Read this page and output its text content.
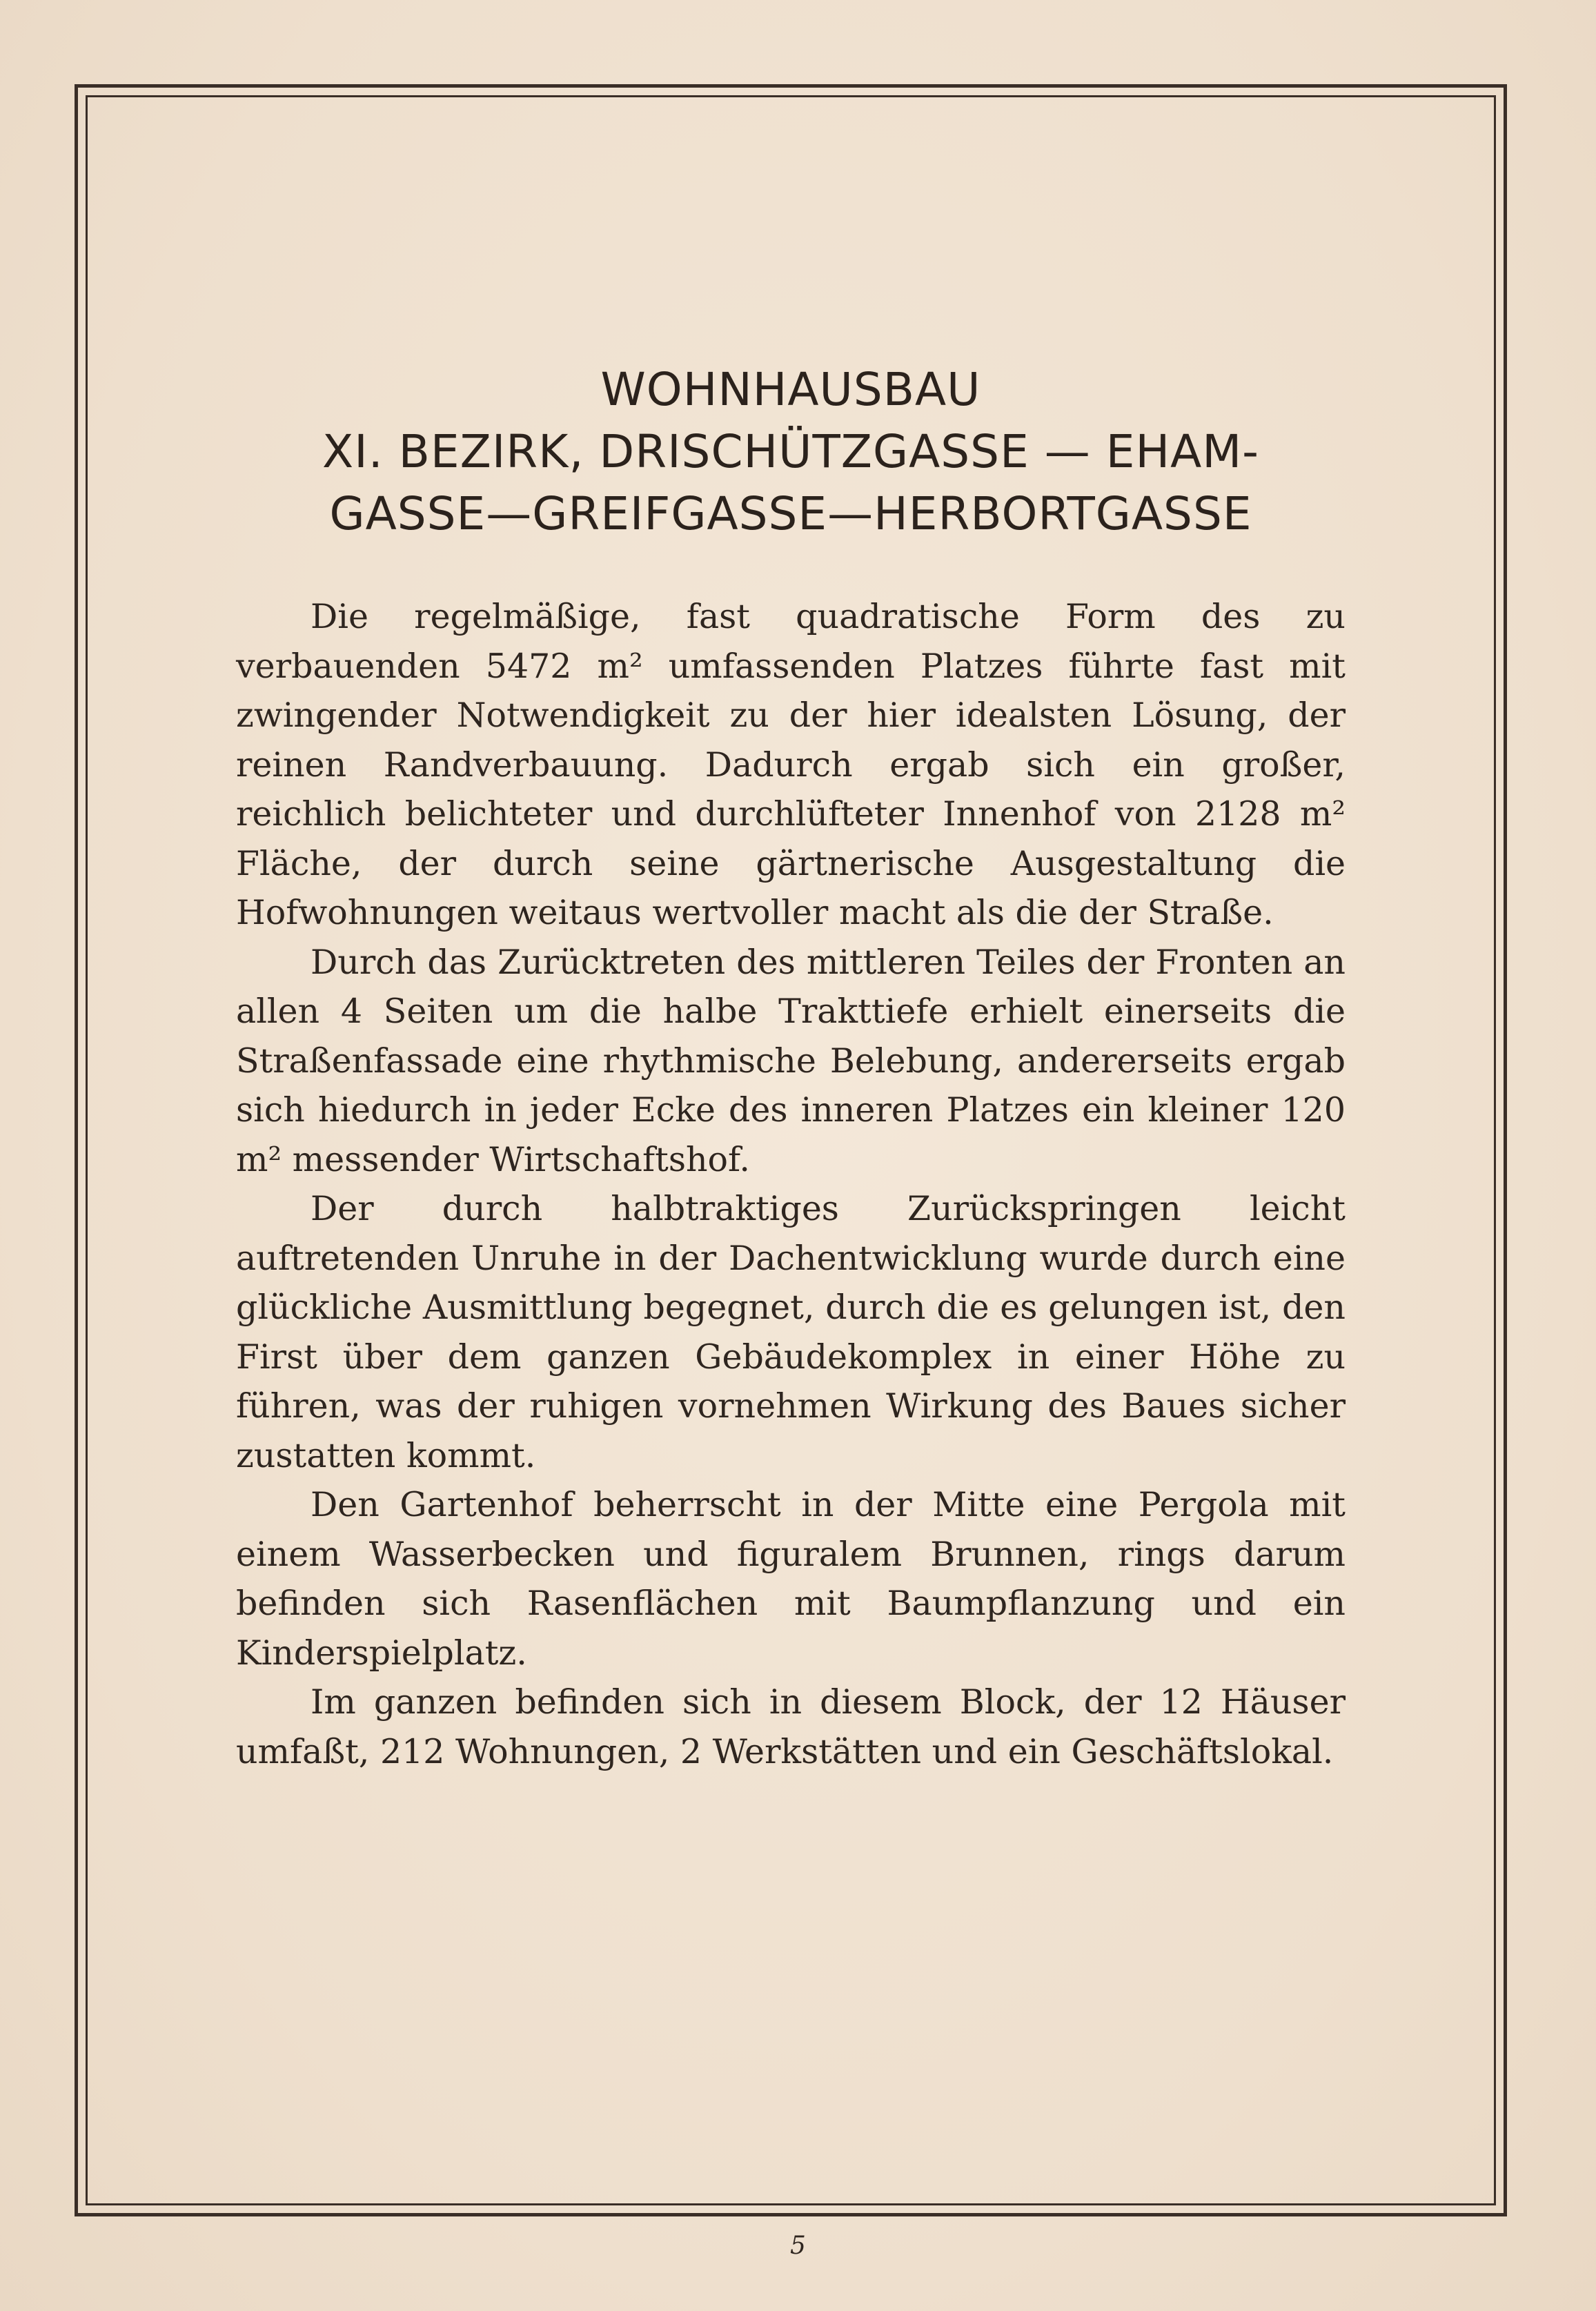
WOHNHAUSBAU
XI. BEZIRK, DRISCHÜTZGASSE — EHAM-
GASSE—GREIFGASSE—HERBORTGASSE

Die regelmäßige, fast quadratische Form des zu verbauenden 5472 m² umfassenden Platzes führte fast mit zwingender Notwendigkeit zu der hier idealsten Lösung, der reinen Randverbauung. Dadurch ergab sich ein großer, reichlich belichteter und durchlüfteter Innenhof von 2128 m² Fläche, der durch seine gärtnerische Ausgestaltung die Hofwohnungen weitaus wertvoller macht als die der Straße.

Durch das Zurücktreten des mittleren Teiles der Fronten an allen 4 Seiten um die halbe Trakttiefe erhielt einerseits die Straßenfassade eine rhythmische Belebung, andererseits ergab sich hiedurch in jeder Ecke des inneren Platzes ein kleiner 120 m² messender Wirtschaftshof.

Der durch halbtraktiges Zurückspringen leicht auftretenden Unruhe in der Dachentwicklung wurde durch eine glückliche Ausmittlung begegnet, durch die es gelungen ist, den First über dem ganzen Gebäudekomplex in einer Höhe zu führen, was der ruhigen vornehmen Wirkung des Baues sicher zustatten kommt.

Den Gartenhof beherrscht in der Mitte eine Pergola mit einem Wasserbecken und figuralem Brunnen, rings darum befinden sich Rasenflächen mit Baumpflanzung und ein Kinderspielplatz.

Im ganzen befinden sich in diesem Block, der 12 Häuser umfaßt, 212 Wohnungen, 2 Werkstätten und ein Geschäftslokal.

5
